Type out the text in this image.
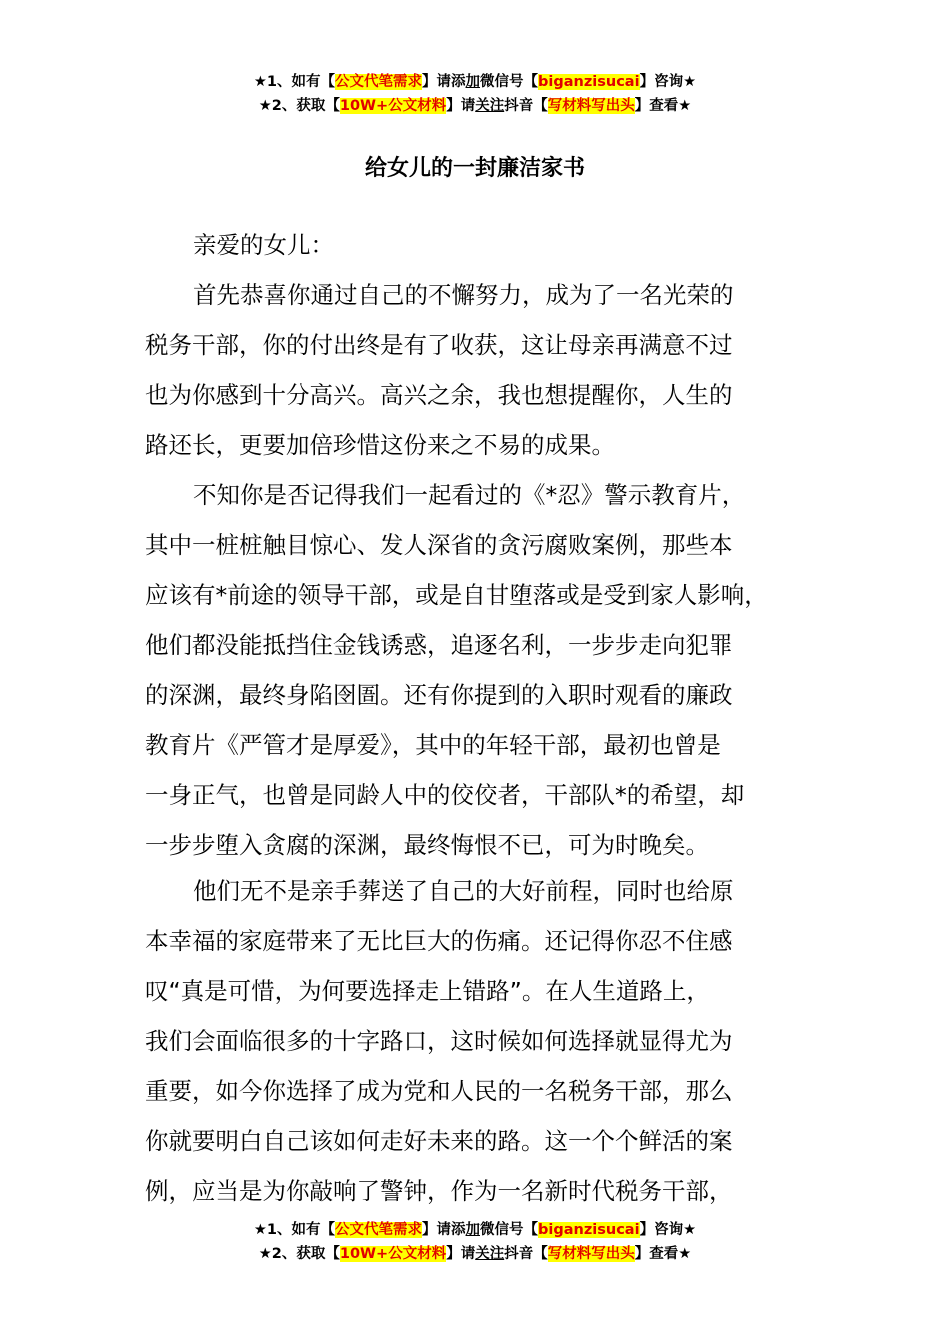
★1、如有【公文代笔需求】请添加微信号【biganzisucai】咨询★
★2、获取【10W+公文材料】请关注抖音【写材料写出头】查看★
给女儿的一封廉洁家书
亲爱的女儿：
首先恭喜你通过自己的不懈努力，成为了一名光荣的
税务干部，你的付出终是有了收获，这让母亲再满意不过
也为你感到十分高兴。高兴之余，我也想提醒你，人生的
路还长，更要加倍珍惜这份来之不易的成果。
不知你是否记得我们一起看过的《*忍》警示教育片，
其中一桩桩触目惊心、发人深省的贪污腐败案例，那些本
应该有*前途的领导干部，或是自甘堕落或是受到家人影响，
他们都没能抵挡住金钱诱惑，追逐名利，一步步走向犯罪
的深渊，最终身陷囹圄。还有你提到的入职时观看的廉政
教育片《严管才是厚爱》，其中的年轻干部，最初也曾是
一身正气，也曾是同龄人中的佼佼者，干部队*的希望，却
一步步堕入贪腐的深渊，最终悔恨不已，可为时晚矣。
他们无不是亲手葬送了自己的大好前程，同时也给原
本幸福的家庭带来了无比巨大的伤痛。还记得你忍不住感
叹“真是可惜，为何要选择走上错路”。在人生道路上，
我们会面临很多的十字路口，这时候如何选择就显得尤为
重要，如今你选择了成为党和人民的一名税务干部，那么
你就要明白自己该如何走好未来的路。这一个个鲜活的案
例，应当是为你敲响了警钟，作为一名新时代税务干部，
★1、如有【公文代笔需求】请添加微信号【biganzisucai】咨询★
★2、获取【10W+公文材料】请关注抖音【写材料写出头】查看★
